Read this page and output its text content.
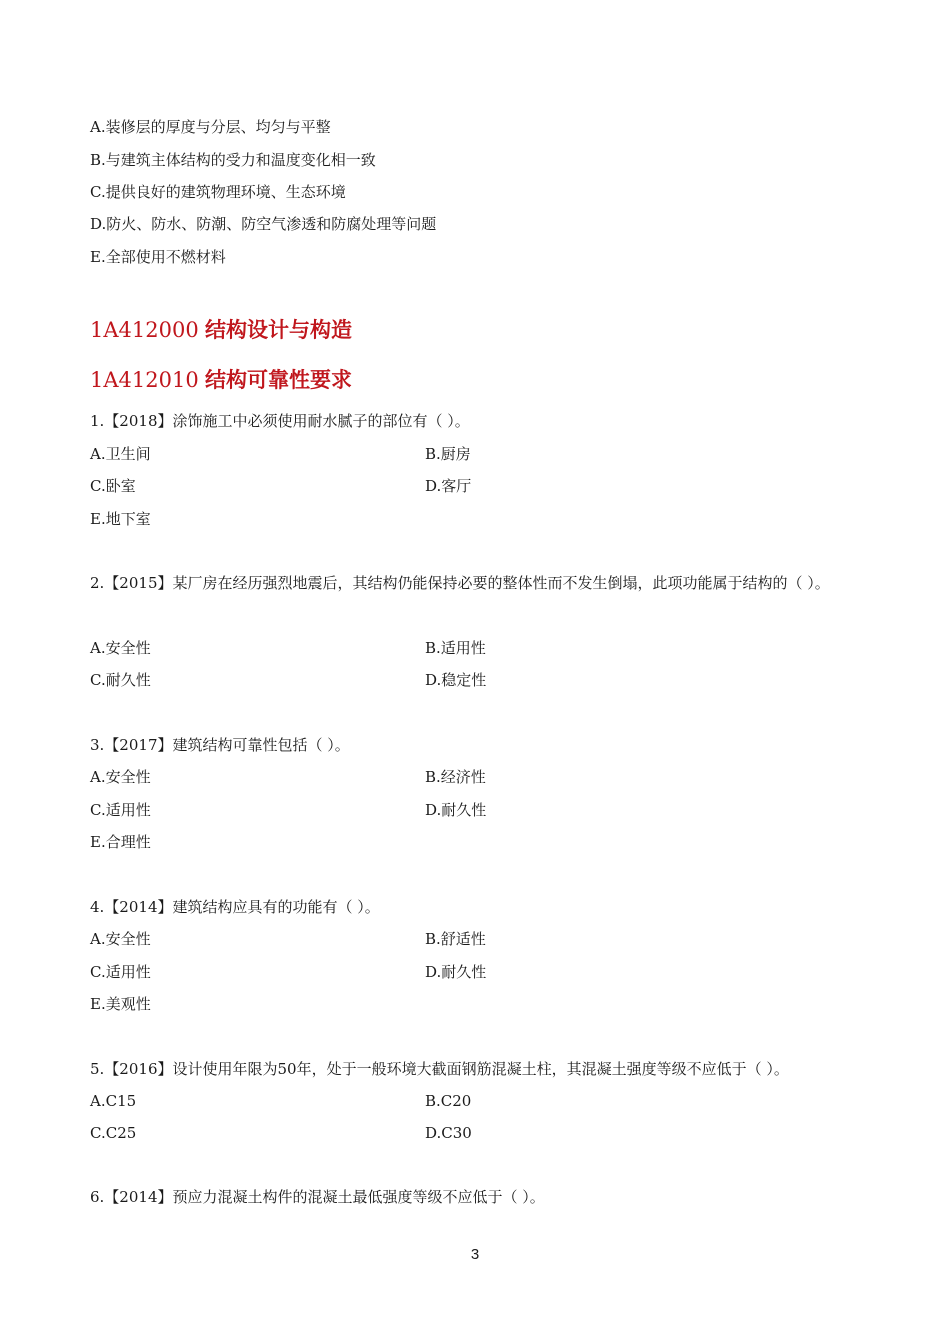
A.装修层的厚度与分层、均匀与平整
B.与建筑主体结构的受力和温度变化相一致
C.提供良好的建筑物理环境、生态环境
D.防火、防水、防潮、防空气渗透和防腐处理等问题
E.全部使用不燃材料
1A412000 结构设计与构造
1A412010 结构可靠性要求
1.【2018】涂饰施工中必须使用耐水腻子的部位有（ ）。
A.卫生间	B.厨房
C.卧室	D.客厅
E.地下室
2.【2015】某厂房在经历强烈地震后，其结构仍能保持必要的整体性而不发生倒塌，此项功能属于结构的（ ）。
A.安全性	B.适用性
C.耐久性	D.稳定性
3.【2017】建筑结构可靠性包括（ ）。
A.安全性	B.经济性
C.适用性	D.耐久性
E.合理性
4.【2014】建筑结构应具有的功能有（ ）。
A.安全性	B.舒适性
C.适用性	D.耐久性
E.美观性
5.【2016】设计使用年限为50年，处于一般环境大截面钢筋混凝土柱，其混凝土强度等级不应低于（ ）。
A.C15	B.C20
C.C25	D.C30
6.【2014】预应力混凝土构件的混凝土最低强度等级不应低于（ ）。
3
